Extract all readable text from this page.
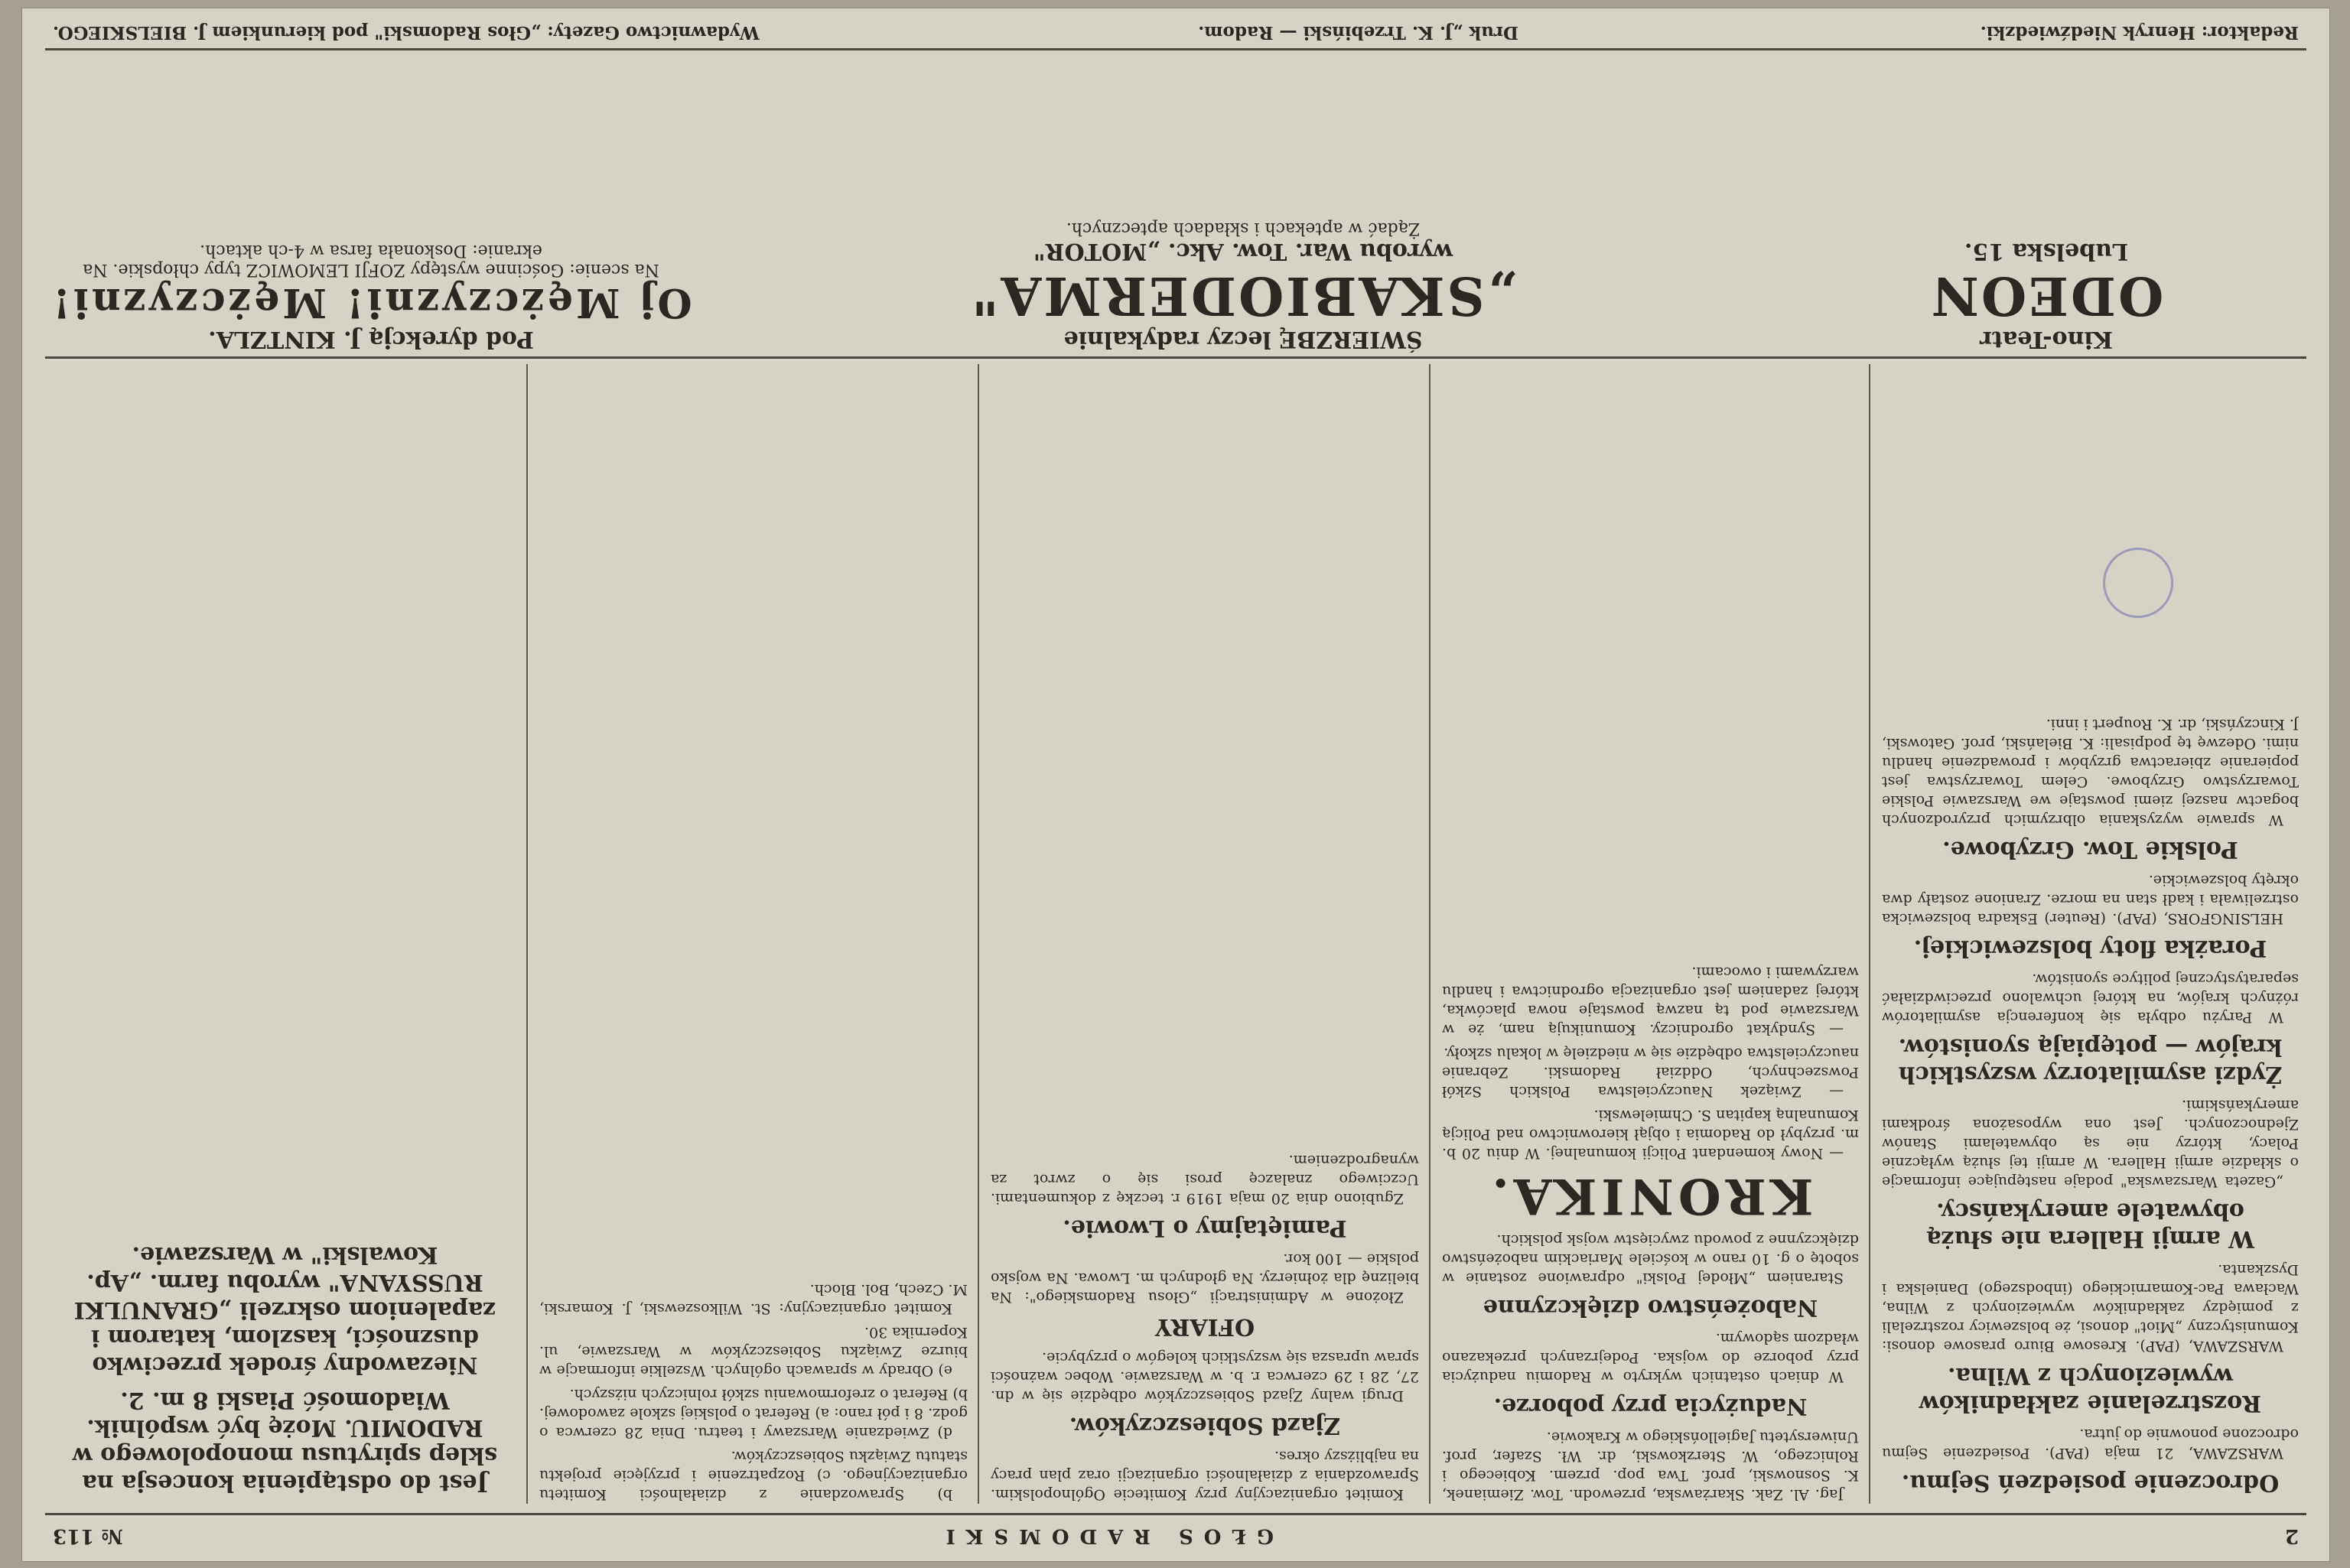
2
GŁOS RADOMSKI
№ 113
Odroczenie posiedzeń Sejmu.

WARSZAWA, 21 maja (PAP). Posiedzenie Sejmu odroczone ponownie do jutra.

Rozstrzelanie zakładników wywiezionych z Wilna.

WARSZAWA, (PAP). Kresowe Biuro prasowe donosi: Komunistyczny „Miot" donosi, że bolszewicy rozstrzelali z pomiędzy zakładników wywiezionych z Wilna, Wacława Pac-Komarnickiego (inbodszego) Danielska i Dyszkanta.

W armji Hallera nie służą obywatele amerykańscy.

„Gazeta Warszawska" podaje następujące informacje o składzie armji Hallera. W armji tej służą wyłącznie Polacy, którzy nie są obywatelami Stanów Zjednoczonych. Jest ona wyposażona środkami amerykańskimi.

Żydzi asymilatorzy wszystkich krajów — potępiają syonistów.

W Paryżu odbyła się konferencja asymilatorów różnych krajów, na której uchwalono przeciwdziałać separatystycznej polityce syonistów.

Porażka floty bolszewickiej.

HELSINGFORS, (PAP). (Reuter) Eskadra bolszewicka ostrzeliwała i kadł stan na morze. Zranione zostały dwa okręty bolszewickie.

Polskie Tow. Grzybowe.

W sprawie wyzyskania olbrzymich przyrodzonych bogactw naszej ziemi powstaje we Warszawie Polskie Towarzystwo Grzybowe. Celem Towarzystwa jest popieranie zbieractwa grzybów i prowadzenie handlu nimi. Odezwę tę podpisali: K. Bielański, prof. Gatowski, J. Kinczyński, dr. K. Roupert i inni.

Jag. Al. Zak. Skarżawska, przewodn. Tow. Ziemianek, K. Sosnowski, prof. Twa pop. przem. Kobiecego i Rolniczego, W. Sterzkowski, dr. Wł. Szafer, prof. Uniwersytetu Jagiellońskiego w Krakowie.

Nadużycia przy poborze.

W dniach ostatnich wykryto w Radomiu nadużycia przy poborze do wojska. Podejrzanych przekazano władzom sądowym.

Nabożeństwo dziękczynne

Staraniem „Młodej Polski" odprawione zostanie w sobotę o g. 10 rano w kościele Mariackim nabożeństwo dziękczynne z powodu zwycięstw wojsk polskich.

KRONIKA.

— Nowy komendant Policji komunalnej. W dniu 20 b. m. przybył do Radomia i objął kierownictwo nad Policją Komunalną kapitan S. Chmielewski.

— Związek Nauczycielstwa Polskich Szkół Powszechnych, Oddział Radomski. Zebranie nauczycielstwa odbędzie się w niedzielę w lokalu szkoły.

— Syndykat ogrodniczy. Komunikują nam, że w Warszawie pod tą nazwą powstaje nowa placówka, której zadaniem jest organizacja ogrodnictwa i handlu warzywami i owocami.

Komitet organizacyjny przy Komitecie Ogólnopolskim. Sprawozdania z działalności organizacji oraz plan pracy na najbliższy okres.

Zjazd Sobieszczyków.

Drugi walny Zjazd Sobieszczyków odbędzie się w dn. 27, 28 i 29 czerwca r. b. w Warszawie. Wobec ważności spraw uprasza się wszystkich kolegów o przybycie.

OFIARY

Złożone w Administracji „Głosu Radomskiego": Na bieliznę dla żołnierzy. Na głodnych m. Lwowa. Na wojsko polskie — 100 kor.

Pamiętajmy o Lwowie.

Zgubiono dnia 20 maja 1919 r. teczkę z dokumentami. Uczciwego znalazcę prosi się o zwrot za wynagrodzeniem.

b) Sprawozdanie z działalności Komitetu organizacyjnego. c) Rozpatrzenie i przyjęcie projektu statutu Związku Sobieszczyków.

d) Zwiedzanie Warszawy i teatru. Dnia 28 czerwca o godz. 8 i pół rano: a) Referat o polskiej szkole zawodowej. b) Referat o zreformowaniu szkół rolniczych niższych.

e) Obrady w sprawach ogólnych. Wszelkie informacje w biurze Związku Sobieszczyków w Warszawie, ul. Kopernika 30.

Komitet organizacyjny: St. Wilkoszewski, J. Komarski, M. Czech, Bol. Bloch.

Jest do odstąpienia koncesja na sklep spirytusu monopolowego w RADOMIU. Możę być wspólnik. Wiadomość Piaski 8 m. 2.
Niezawodny środek przeciwko duszności, kaszlom, katarom i zapaleniom oskrzeli „GRANULKI RUSSYANA" wyrobu farm. „Ap. Kowalski" w Warszawie.
Kino-Teatr
ODEON
Lubelska 15.
ŚWIERZBĘ leczy radykalnie
„SKABIODERMA"
wyrobu War. Tow. Akc. „MOTOR"
Żądać w aptekach i składach aptecznych.
Pod dyrekcją J. KINTZLA.
Oj Mężczyzni! Mężczyzni!
Na scenie: Gościnne występy ZOFJI LEMOWICZ typy chłopskie. Na ekranie: Doskonała farsa w 4-ch aktach.
Redaktor: Henryk Niedźwiedzki.
Druk „J. K. Trzebiński — Radom.
Wydawnictwo Gazety: „Głos Radomski" pod kierunkiem J. BIELSKIEGO.
